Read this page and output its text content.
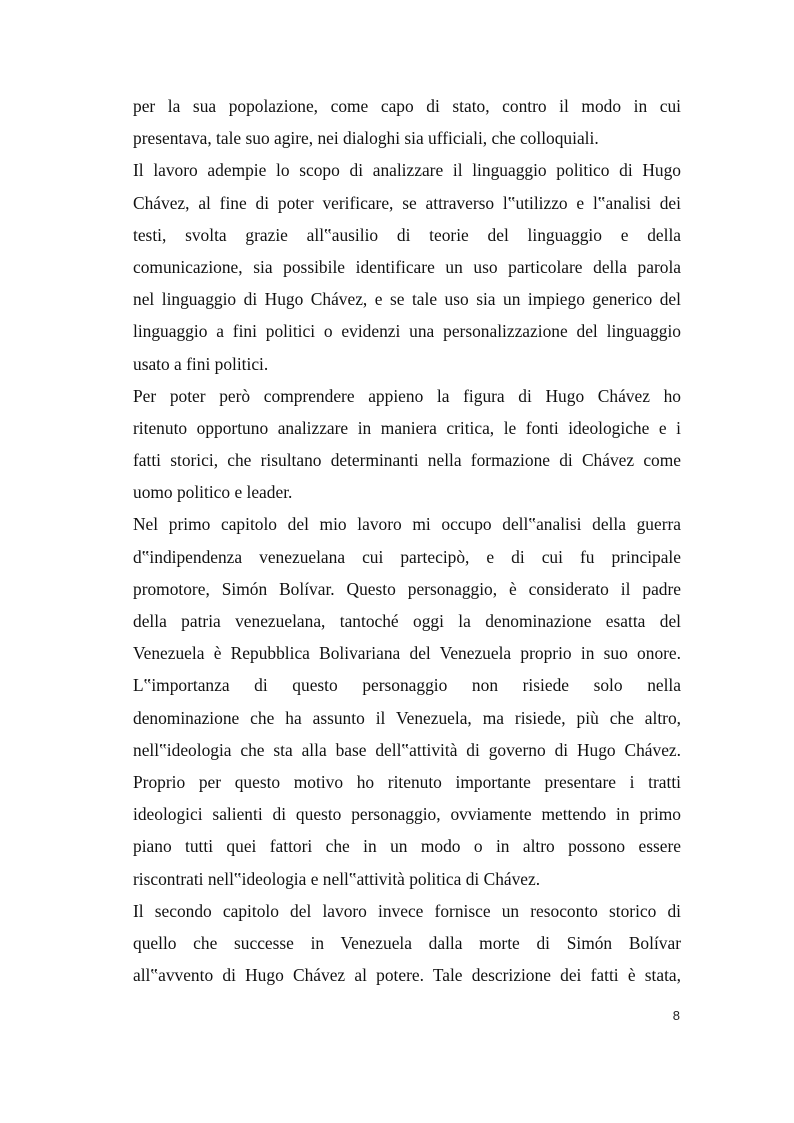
per la sua popolazione, come capo di stato, contro il modo in cui
presentava, tale suo agire, nei dialoghi sia ufficiali, che colloquiali.
Il lavoro adempie lo scopo di analizzare il linguaggio politico di Hugo
Chávez, al fine di poter verificare, se attraverso l‟utilizzo e l‟analisi dei
testi, svolta grazie all‟ausilio di teorie del linguaggio e della
comunicazione, sia possibile identificare un uso particolare della parola
nel linguaggio di Hugo Chávez, e se tale uso sia un impiego generico del
linguaggio a fini politici o evidenzi una personalizzazione del linguaggio
usato a fini politici.
Per poter però comprendere appieno la figura di Hugo Chávez ho
ritenuto opportuno analizzare in maniera critica, le fonti ideologiche e i
fatti storici, che risultano determinanti nella formazione di Chávez come
uomo politico e leader.
Nel primo capitolo del mio lavoro mi occupo dell‟analisi della guerra
d‟indipendenza venezuelana cui partecipò, e di cui fu principale
promotore, Simón Bolívar. Questo personaggio, è considerato il padre
della patria venezuelana, tantoché oggi la denominazione esatta del
Venezuela è Repubblica Bolivariana del Venezuela proprio in suo onore.
L‟importanza di questo personaggio non risiede solo nella
denominazione che ha assunto il Venezuela, ma risiede, più che altro,
nell‟ideologia che sta alla base dell‟attività di governo di Hugo Chávez.
Proprio per questo motivo ho ritenuto importante presentare i tratti
ideologici salienti di questo personaggio, ovviamente mettendo in primo
piano tutti quei fattori che in un modo o in altro possono essere
riscontrati nell‟ideologia e nell‟attività politica di Chávez.
Il secondo capitolo del lavoro invece fornisce un resoconto storico di
quello che successe in Venezuela dalla morte di Simón Bolívar
all‟avvento di Hugo Chávez al potere. Tale descrizione dei fatti è stata,
8
